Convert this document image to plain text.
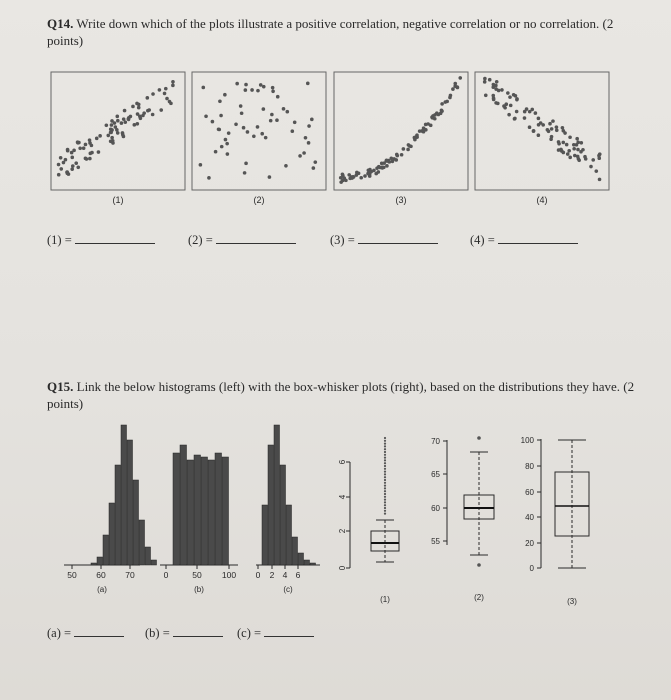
Q14. Write down which of the plots illustrate a positive correlation, negative correlation or no correlation. (2 points)
(1)	(2)	(3)	(4)
(1) =	(2) =	(3) =	(4) =
Q15. Link the below histograms (left) with the box-whisker plots (right), based on the distributions they have. (2 points)
50 60 70
(a)
0	50 100
(b)
0 2 4 6
(c)
0
2
4
6
(1)
55
60
65
70
(2)
0
20
40
60
80
100
(3)
(a) =	(b) =	(c) =
